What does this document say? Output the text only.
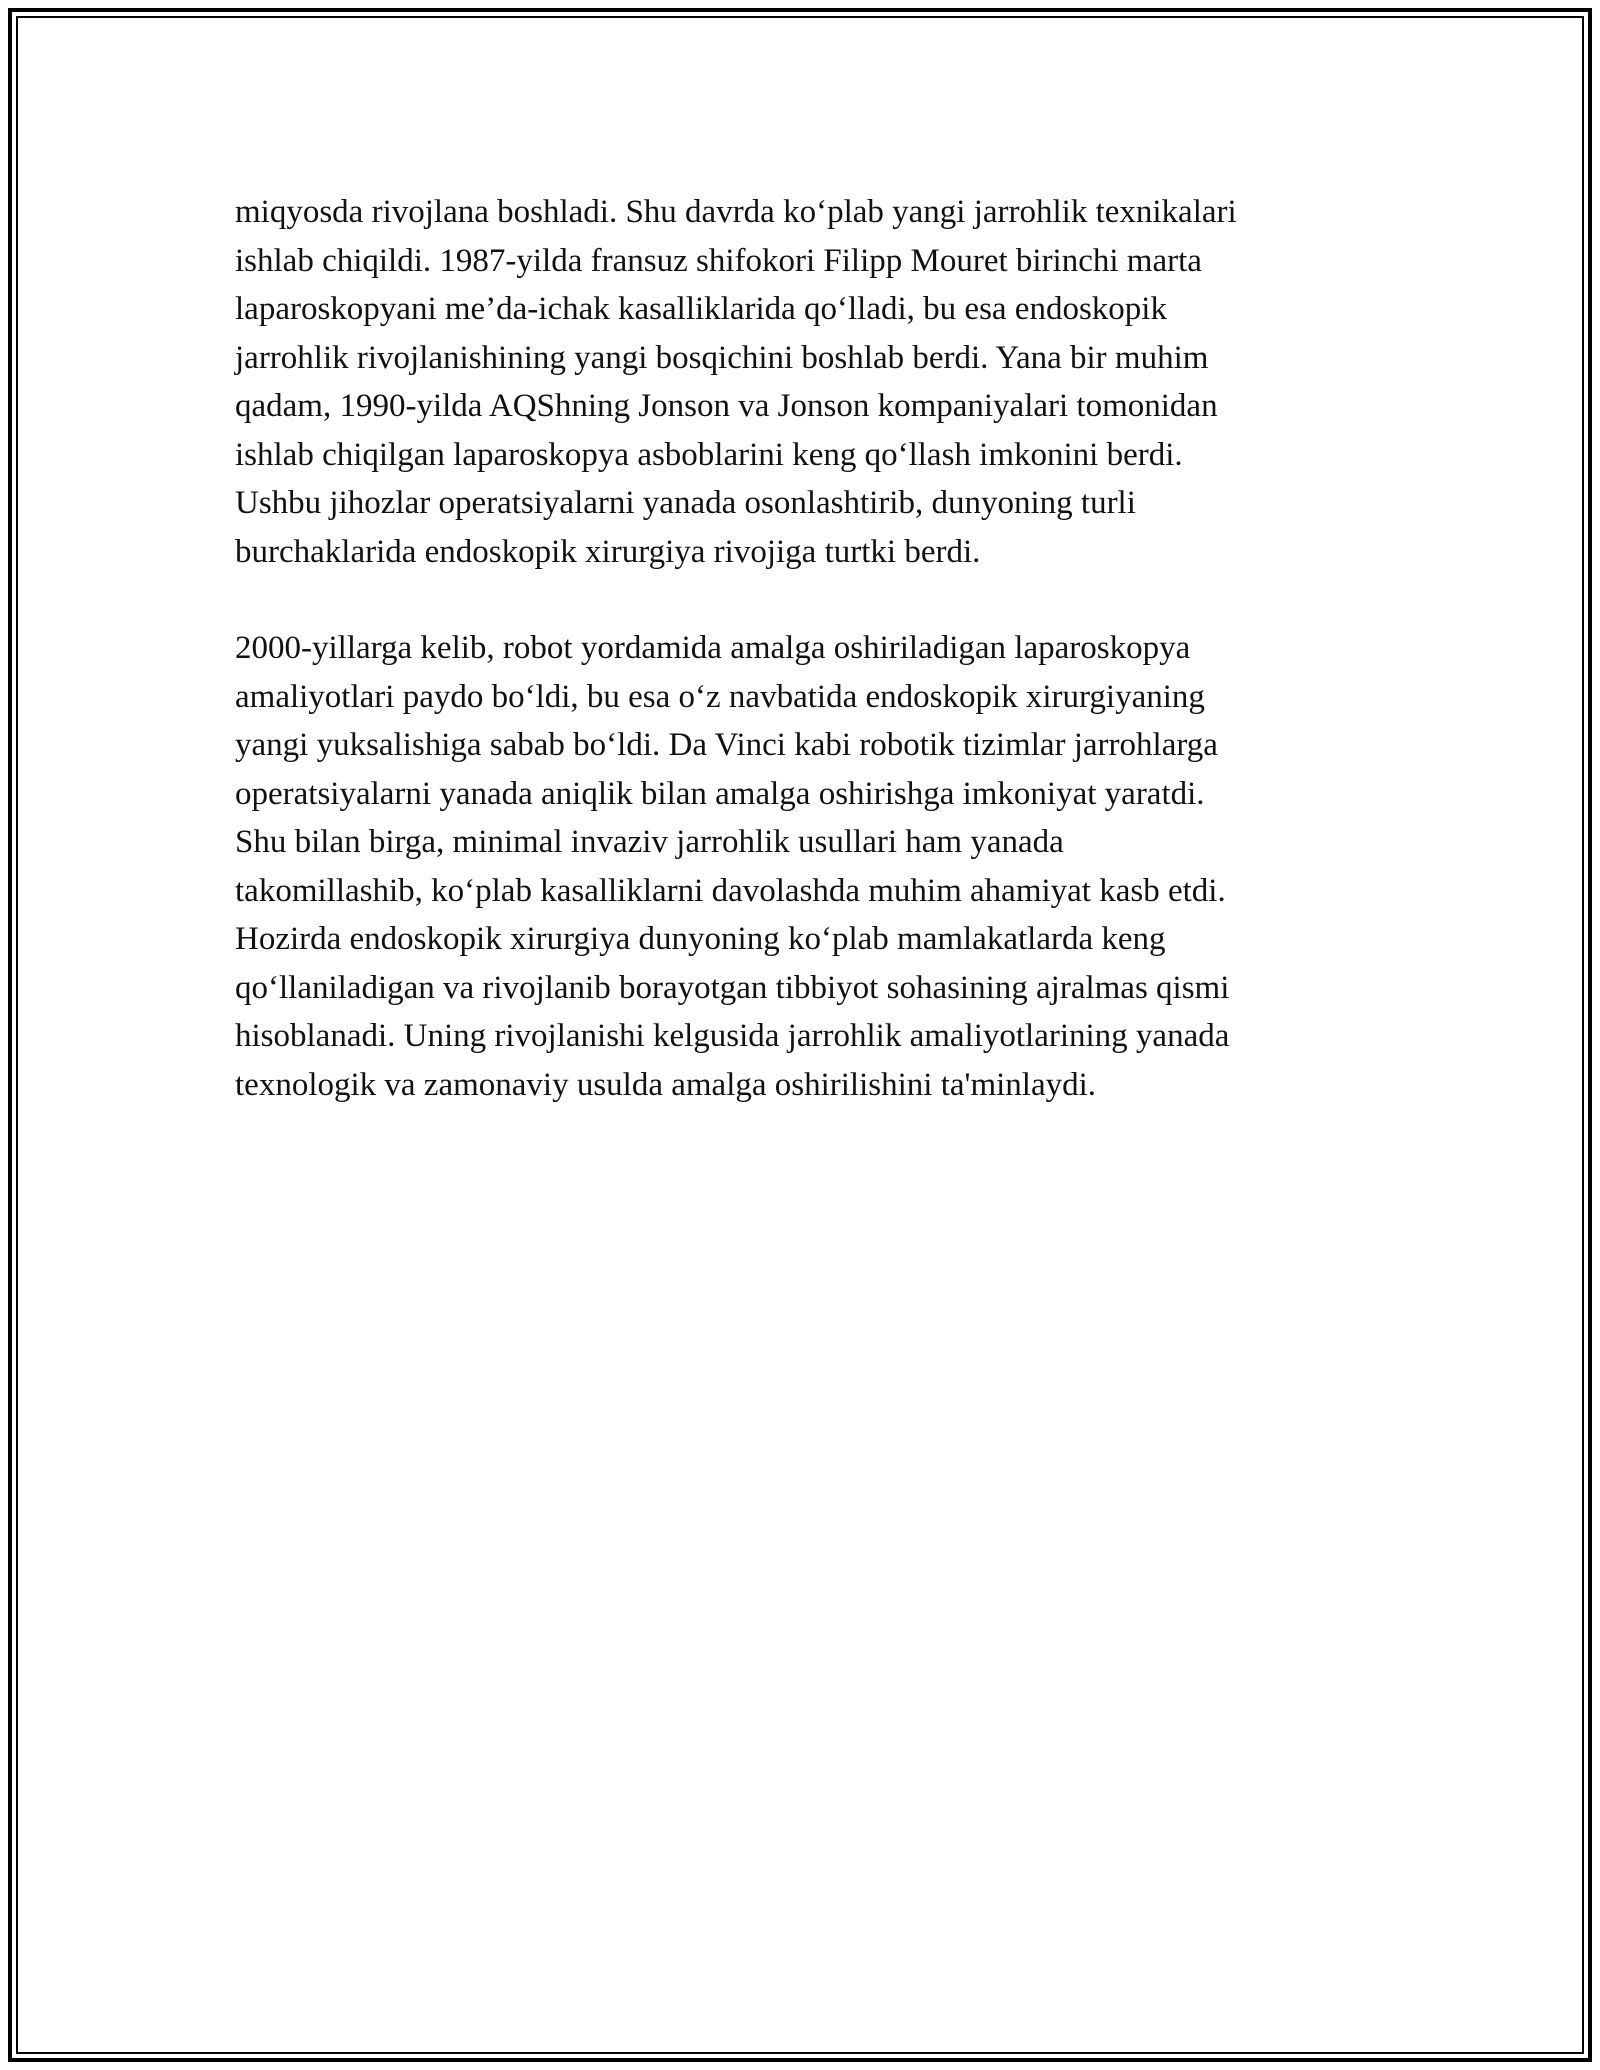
miqyosda rivojlana boshladi. Shu davrda ko‘plab yangi jarrohlik texnikalari
ishlab chiqildi. 1987-yilda fransuz shifokori Filipp Mouret birinchi marta
laparoskopyani me’da-ichak kasalliklarida qo‘lladi, bu esa endoskopik
jarrohlik rivojlanishining yangi bosqichini boshlab berdi. Yana bir muhim
qadam, 1990-yilda AQShning Jonson va Jonson kompaniyalari tomonidan
ishlab chiqilgan laparoskopya asboblarini keng qo‘llash imkonini berdi.
Ushbu jihozlar operatsiyalarni yanada osonlashtirib, dunyoning turli
burchaklarida endoskopik xirurgiya rivojiga turtki berdi.

2000-yillarga kelib, robot yordamida amalga oshiriladigan laparoskopya
amaliyotlari paydo bo‘ldi, bu esa o‘z navbatida endoskopik xirurgiyaning
yangi yuksalishiga sabab bo‘ldi. Da Vinci kabi robotik tizimlar jarrohlarga
operatsiyalarni yanada aniqlik bilan amalga oshirishga imkoniyat yaratdi.
Shu bilan birga, minimal invaziv jarrohlik usullari ham yanada
takomillashib, ko‘plab kasalliklarni davolashda muhim ahamiyat kasb etdi.
Hozirda endoskopik xirurgiya dunyoning ko‘plab mamlakatlarda keng
qo‘llaniladigan va rivojlanib borayotgan tibbiyot sohasining ajralmas qismi
hisoblanadi. Uning rivojlanishi kelgusida jarrohlik amaliyotlarining yanada
texnologik va zamonaviy usulda amalga oshirilishini ta'minlaydi.
